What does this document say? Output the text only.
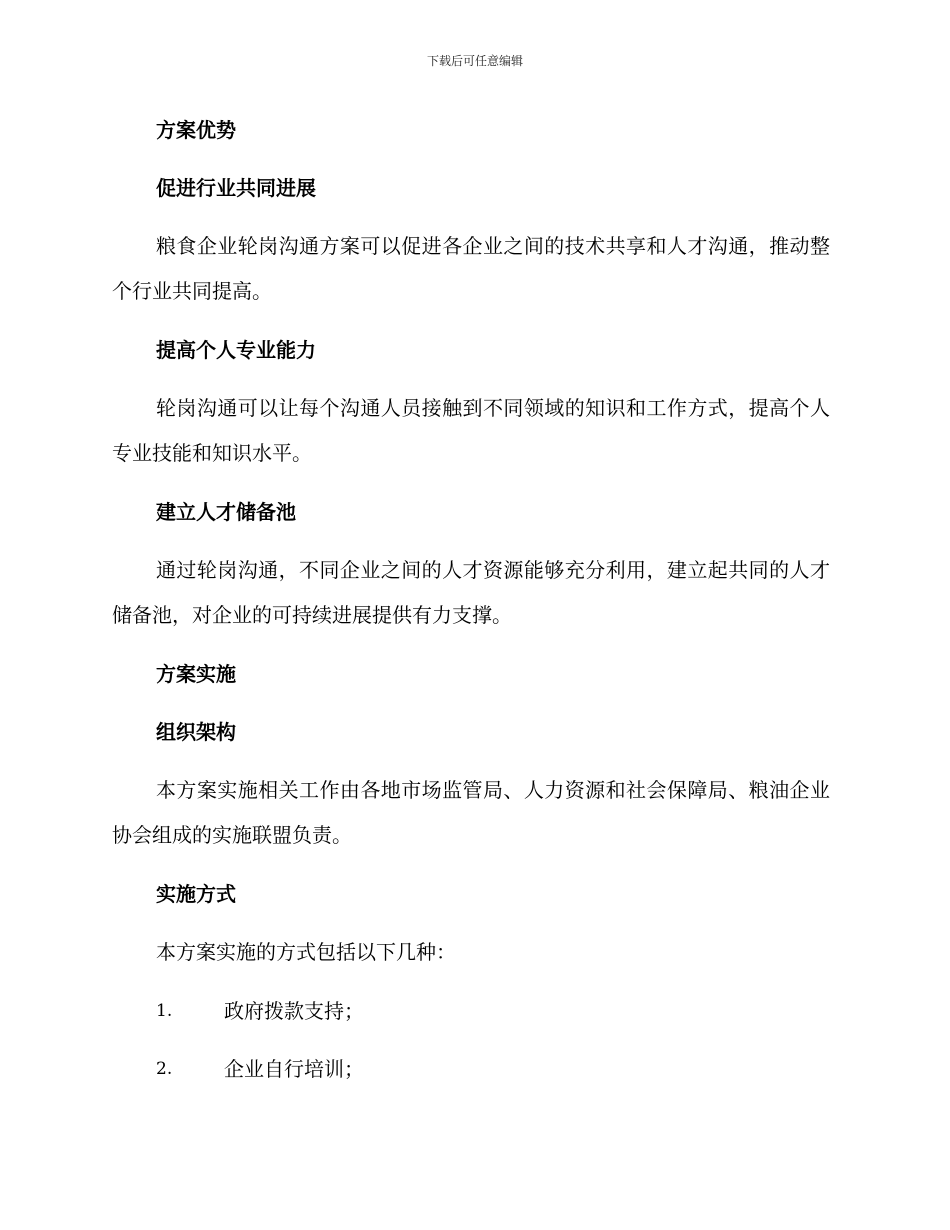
下载后可任意编辑
方案优势
促进行业共同进展

粮食企业轮岗沟通方案可以促进各企业之间的技术共享和人才沟通，推动整个行业共同提高。

提高个人专业能力

轮岗沟通可以让每个沟通人员接触到不同领域的知识和工作方式，提高个人专业技能和知识水平。

建立人才储备池

通过轮岗沟通，不同企业之间的人才资源能够充分利用，建立起共同的人才储备池，对企业的可持续进展提供有力支撑。

方案实施
组织架构

本方案实施相关工作由各地市场监管局、人力资源和社会保障局、粮油企业协会组成的实施联盟负责。

实施方式

本方案实施的方式包括以下几种：

1.	政府拨款支持；
2.	企业自行培训；
